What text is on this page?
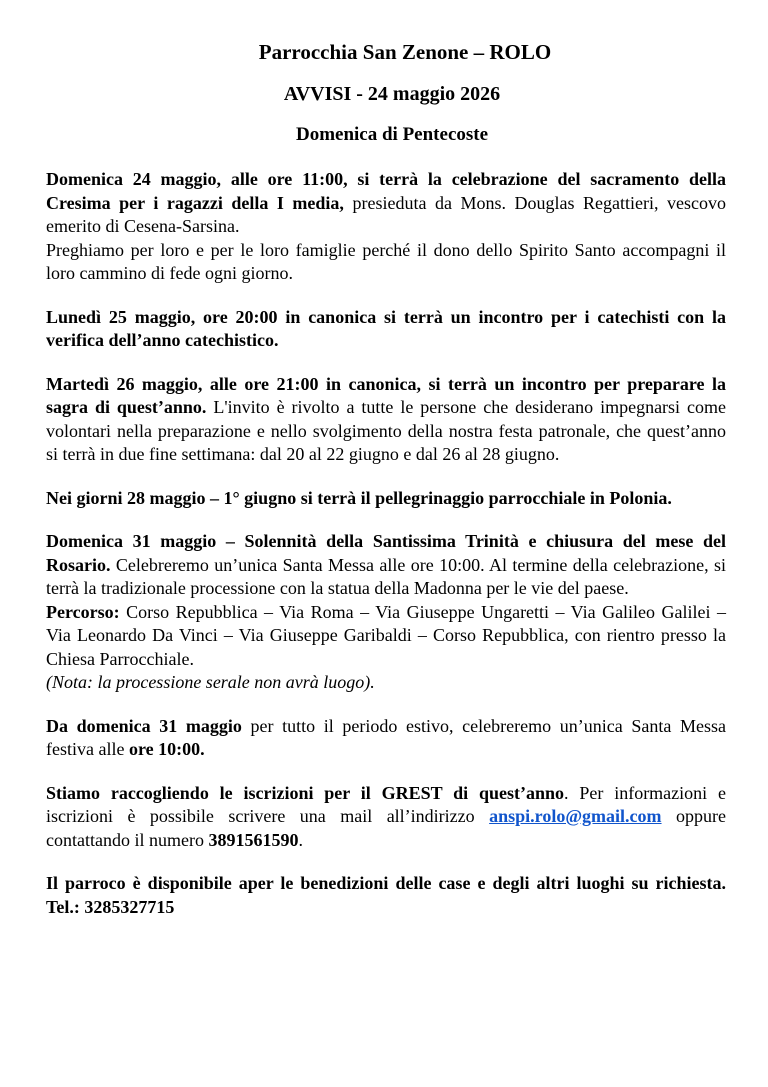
Parrocchia San Zenone – ROLO
AVVISI - 24 maggio 2026
Domenica di Pentecoste
Domenica 24 maggio, alle ore 11:00, si terrà la celebrazione del sacramento della Cresima per i ragazzi della I media, presieduta da Mons. Douglas Regattieri, vescovo emerito di Cesena-Sarsina.
Preghiamo per loro e per le loro famiglie perché il dono dello Spirito Santo accompagni il loro cammino di fede ogni giorno.
Lunedì 25 maggio, ore 20:00 in canonica si terrà un incontro per i catechisti con la verifica dell’anno catechistico.
Martedì 26 maggio, alle ore 21:00 in canonica, si terrà un incontro per preparare la sagra di quest’anno. L'invito è rivolto a tutte le persone che desiderano impegnarsi come volontari nella preparazione e nello svolgimento della nostra festa patronale, che quest’anno si terrà in due fine settimana: dal 20 al 22 giugno e dal 26 al 28 giugno.
Nei giorni 28 maggio – 1° giugno si terrà il pellegrinaggio parrocchiale in Polonia.
Domenica 31 maggio – Solennità della Santissima Trinità e chiusura del mese del Rosario. Celebreremo un’unica Santa Messa alle ore 10:00. Al termine della celebrazione, si terrà la tradizionale processione con la statua della Madonna per le vie del paese.
Percorso: Corso Repubblica – Via Roma – Via Giuseppe Ungaretti – Via Galileo Galilei – Via Leonardo Da Vinci – Via Giuseppe Garibaldi – Corso Repubblica, con rientro presso la Chiesa Parrocchiale.
(Nota: la processione serale non avrà luogo).
Da domenica 31 maggio per tutto il periodo estivo, celebreremo un’unica Santa Messa festiva alle ore 10:00.
Stiamo raccogliendo le iscrizioni per il GREST di quest’anno. Per informazioni e iscrizioni è possibile scrivere una mail all’indirizzo anspi.rolo@gmail.com oppure contattando il numero 3891561590.
Il parroco è disponibile aper le benedizioni delle case e degli altri luoghi su richiesta. Tel.: 3285327715
